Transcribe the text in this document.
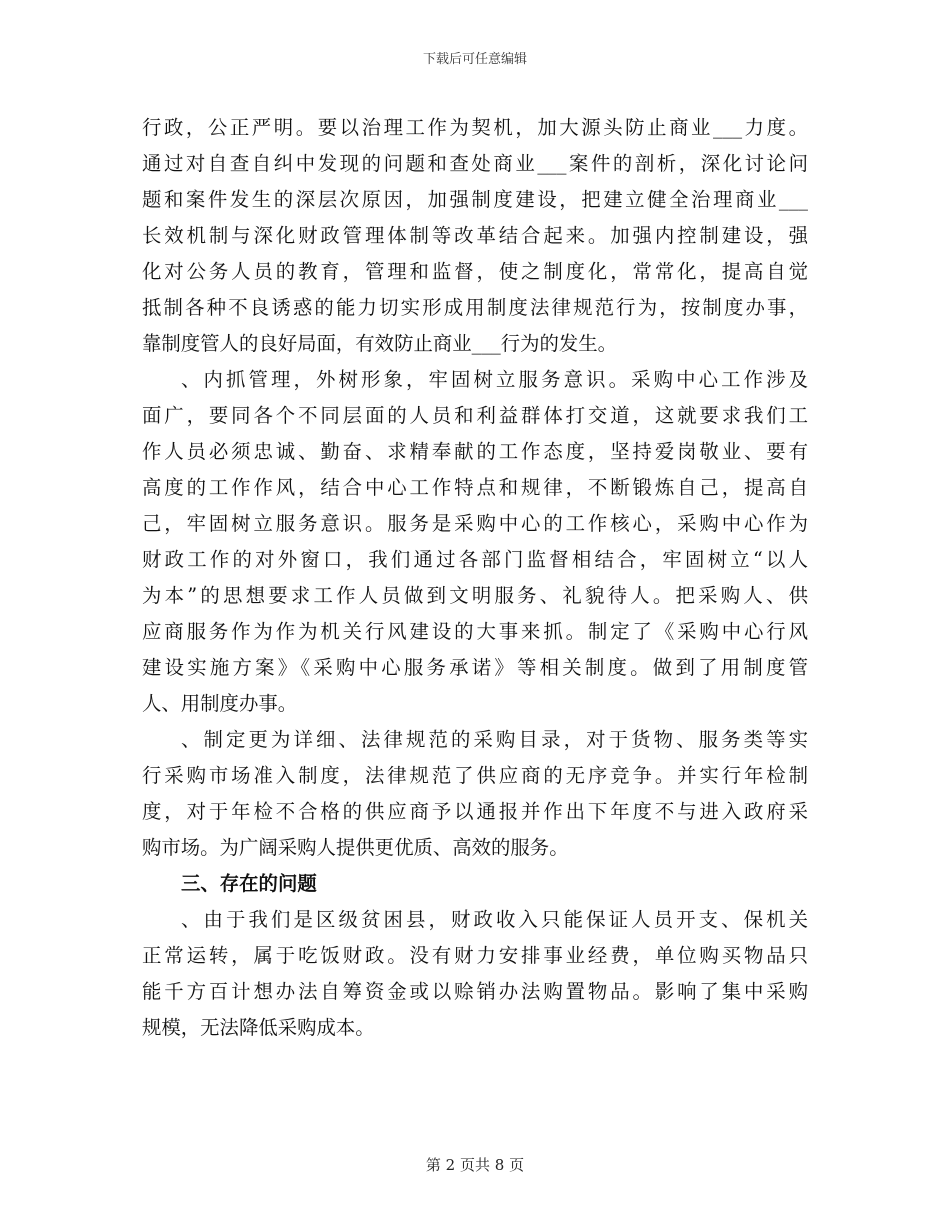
下载后可任意编辑
行政，公正严明。要以治理工作为契机，加大源头防止商业___力度。
通过对自查自纠中发现的问题和查处商业___案件的剖析，深化讨论问
题和案件发生的深层次原因，加强制度建设，把建立健全治理商业___
长效机制与深化财政管理体制等改革结合起来。加强内控制建设，强
化对公务人员的教育，管理和监督，使之制度化，常常化，提高自觉
抵制各种不良诱惑的能力切实形成用制度法律规范行为，按制度办事，
靠制度管人的良好局面，有效防止商业___行为的发生。
、内抓管理，外树形象，牢固树立服务意识。采购中心工作涉及
面广，要同各个不同层面的人员和利益群体打交道，这就要求我们工
作人员必须忠诚、勤奋、求精奉献的工作态度，坚持爱岗敬业、要有
高度的工作作风，结合中心工作特点和规律，不断锻炼自己，提高自
己，牢固树立服务意识。服务是采购中心的工作核心，采购中心作为
财政工作的对外窗口，我们通过各部门监督相结合，牢固树立“以人
为本”的思想要求工作人员做到文明服务、礼貌待人。把采购人、供
应商服务作为作为机关行风建设的大事来抓。制定了《采购中心行风
建设实施方案》《采购中心服务承诺》等相关制度。做到了用制度管
人、用制度办事。
、制定更为详细、法律规范的采购目录，对于货物、服务类等实
行采购市场准入制度，法律规范了供应商的无序竞争。并实行年检制
度，对于年检不合格的供应商予以通报并作出下年度不与进入政府采
购市场。为广阔采购人提供更优质、高效的服务。
三、存在的问题
、由于我们是区级贫困县，财政收入只能保证人员开支、保机关
正常运转，属于吃饭财政。没有财力安排事业经费，单位购买物品只
能千方百计想办法自筹资金或以赊销办法购置物品。影响了集中采购
规模，无法降低采购成本。
第 2 页共 8 页
